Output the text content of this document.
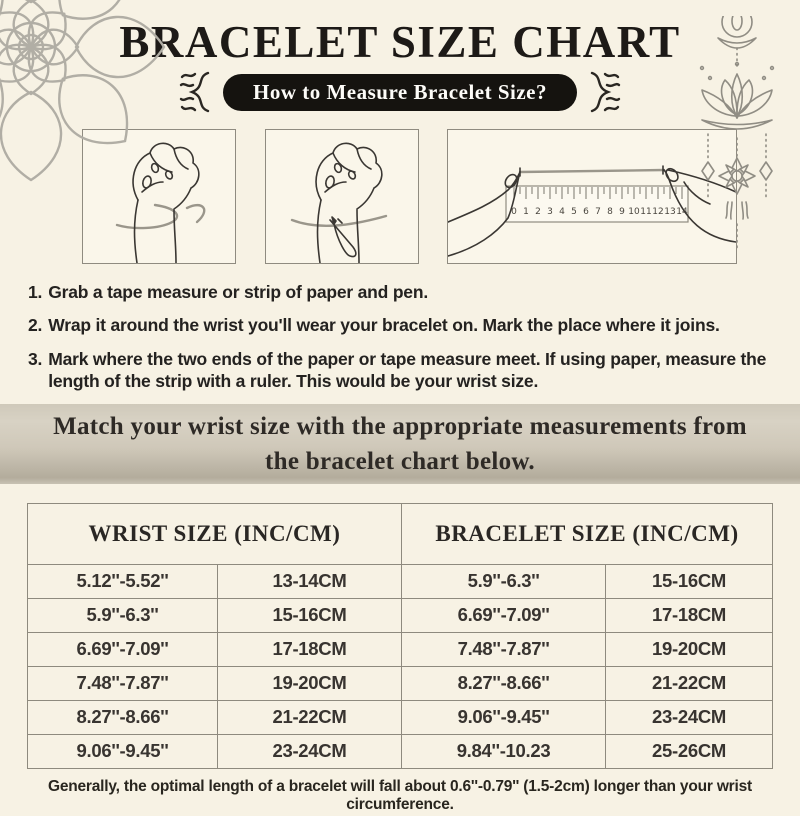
BRACELET SIZE CHART
How to Measure Bracelet Size?
0 1 2 3 4 5 6 7 8 9 10 11 12 13 14
1. Grab a tape measure or strip of paper and pen.
2. Wrap it around the wrist you'll wear your bracelet on. Mark the place where it joins.
3. Mark where the two ends of the paper or tape measure meet. If using paper, measure the length of the strip with a ruler. This would be your wrist size.
Match your wrist size with the appropriate measurements from the bracelet chart below.
WRIST SIZE (INC/CM)		BRACELET SIZE (INC/CM)	
5.12''-5.52''	13-14CM	5.9''-6.3''	15-16CM
5.9''-6.3''	15-16CM	6.69''-7.09''	17-18CM
6.69''-7.09''	17-18CM	7.48''-7.87''	19-20CM
7.48''-7.87''	19-20CM	8.27''-8.66''	21-22CM
8.27''-8.66''	21-22CM	9.06''-9.45''	23-24CM
9.06''-9.45''	23-24CM	9.84''-10.23	25-26CM
Generally, the optimal length of a bracelet will fall about 0.6''-0.79'' (1.5-2cm) longer than your wrist circumference.
